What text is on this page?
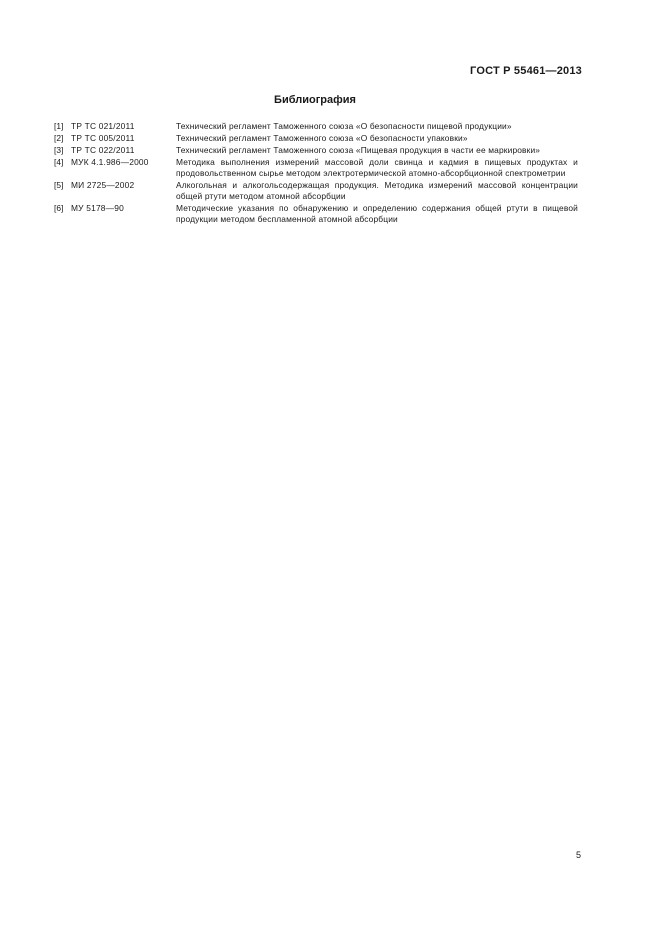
ГОСТ Р 55461—2013
Библиография
[1] ТР ТС 021/2011	Технический регламент Таможенного союза «О безопасности пищевой продукции»
[2] ТР ТС 005/2011	Технический регламент Таможенного союза «О безопасности упаковки»
[3] ТР ТС 022/2011	Технический регламент Таможенного союза «Пищевая продукция в части ее маркировки»
[4] МУК 4.1.986—2000	Методика выполнения измерений массовой доли свинца и кадмия в пищевых продуктах и продовольственном сырье методом электротермической атомно-абсорбционной спектрометрии
[5] МИ 2725—2002	Алкогольная и алкогольсодержащая продукция. Методика измерений массовой концентрации общей ртути методом атомной абсорбции
[6] МУ 5178—90	Методические указания по обнаружению и определению содержания общей ртути в пищевой продукции методом беспламенной атомной абсорбции
5
